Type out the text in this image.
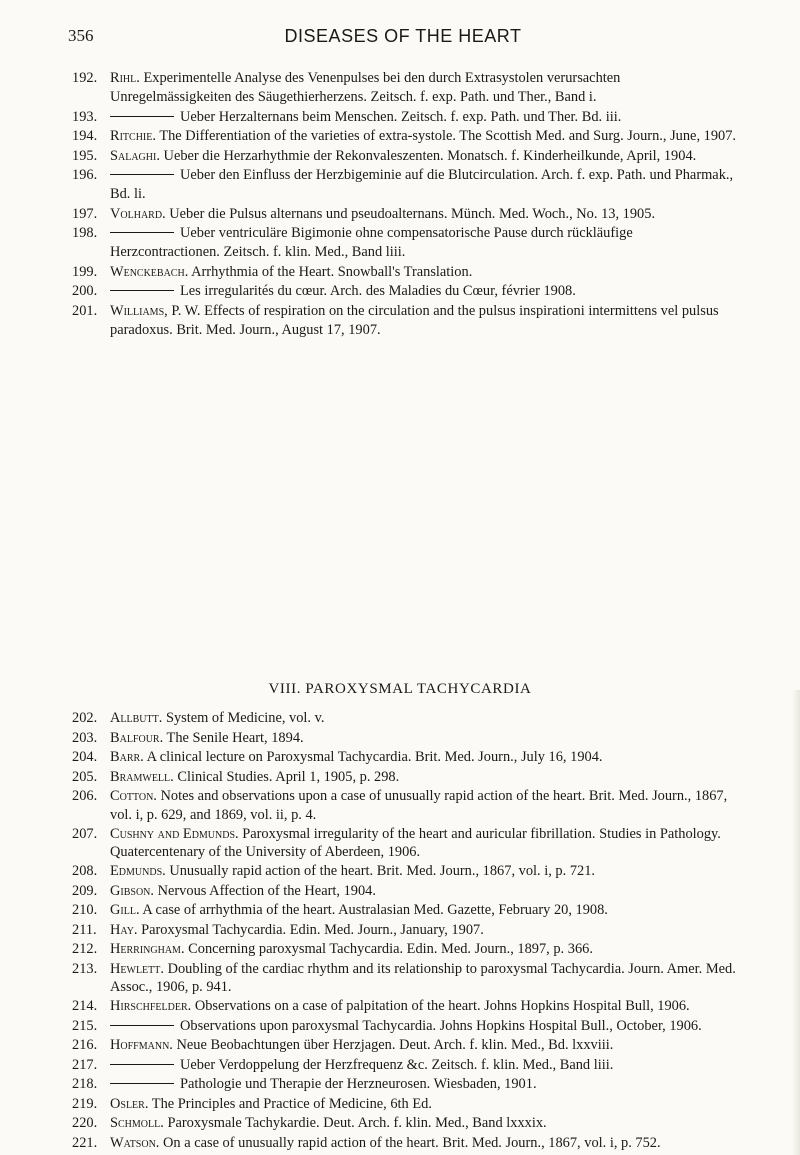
356	DISEASES OF THE HEART
192. Rihl. Experimentelle Analyse des Venenpulses bei den durch Extrasystolen verursachten Unregelmässigkeiten des Säugethierherzens. Zeitsch. f. exp. Path. und Ther., Band i.
193.	Ueber Herzalternans beim Menschen. Zeitsch. f. exp. Path. und Ther. Bd. iii.
194. Ritchie. The Differentiation of the varieties of extra-systole. The Scottish Med. and Surg. Journ., June, 1907.
195. Salaghi. Ueber die Herzarhythmie der Rekonvaleszenten. Monatsch. f. Kinderheilkunde, April, 1904.
196.	Ueber den Einfluss der Herzbigeminie auf die Blutcirculation. Arch. f. exp. Path. und Pharmak., Bd. li.
197. Volhard. Ueber die Pulsus alternans und pseudoalternans. Münch. Med. Woch., No. 13, 1905.
198.	Ueber ventriculäre Bigimonie ohne compensatorische Pause durch rückläufige Herzcontractionen. Zeitsch. f. klin. Med., Band liii.
199. Wenckebach. Arrhythmia of the Heart. Snowball's Translation.
200.	Les irregularités du cœur. Arch. des Maladies du Cœur, février 1908.
201. Williams, P. W. Effects of respiration on the circulation and the pulsus inspirationi intermittens vel pulsus paradoxus. Brit. Med. Journ., August 17, 1907.
202. Allbutt. System of Medicine, vol. v.
203. Balfour. The Senile Heart, 1894.
204. Barr. A clinical lecture on Paroxysmal Tachycardia. Brit. Med. Journ., July 16, 1904.
205. Bramwell. Clinical Studies. April 1, 1905, p. 298.
206. Cotton. Notes and observations upon a case of unusually rapid action of the heart. Brit. Med. Journ., 1867, vol. i, p. 629, and 1869, vol. ii, p. 4.
207. Cushny and Edmunds. Paroxysmal irregularity of the heart and auricular fibrillation. Studies in Pathology. Quatercentenary of the University of Aberdeen, 1906.
208. Edmunds. Unusually rapid action of the heart. Brit. Med. Journ., 1867, vol. i, p. 721.
209. Gibson. Nervous Affection of the Heart, 1904.
210. Gill. A case of arrhythmia of the heart. Australasian Med. Gazette, February 20, 1908.
211. Hay. Paroxysmal Tachycardia. Edin. Med. Journ., January, 1907.
212. Herringham. Concerning paroxysmal Tachycardia. Edin. Med. Journ., 1897, p. 366.
213. Hewlett. Doubling of the cardiac rhythm and its relationship to paroxysmal Tachycardia. Journ. Amer. Med. Assoc., 1906, p. 941.
214. Hirschfelder. Observations on a case of palpitation of the heart. Johns Hopkins Hospital Bull, 1906.
215.	Observations upon paroxysmal Tachycardia. Johns Hopkins Hospital Bull., October, 1906.
216. Hoffmann. Neue Beobachtungen über Herzjagen. Deut. Arch. f. klin. Med., Bd. lxxviii.
217.	Ueber Verdoppelung der Herzfrequenz &c. Zeitsch. f. klin. Med., Band liii.
218.	Pathologie und Therapie der Herzneurosen. Wiesbaden, 1901.
219. Osler. The Principles and Practice of Medicine, 6th Ed.
220. Schmoll. Paroxysmale Tachykardie. Deut. Arch. f. klin. Med., Band lxxxix.
221. Watson. On a case of unusually rapid action of the heart. Brit. Med. Journ., 1867, vol. i, p. 752.
VIII. PAROXYSMAL TACHYCARDIA
